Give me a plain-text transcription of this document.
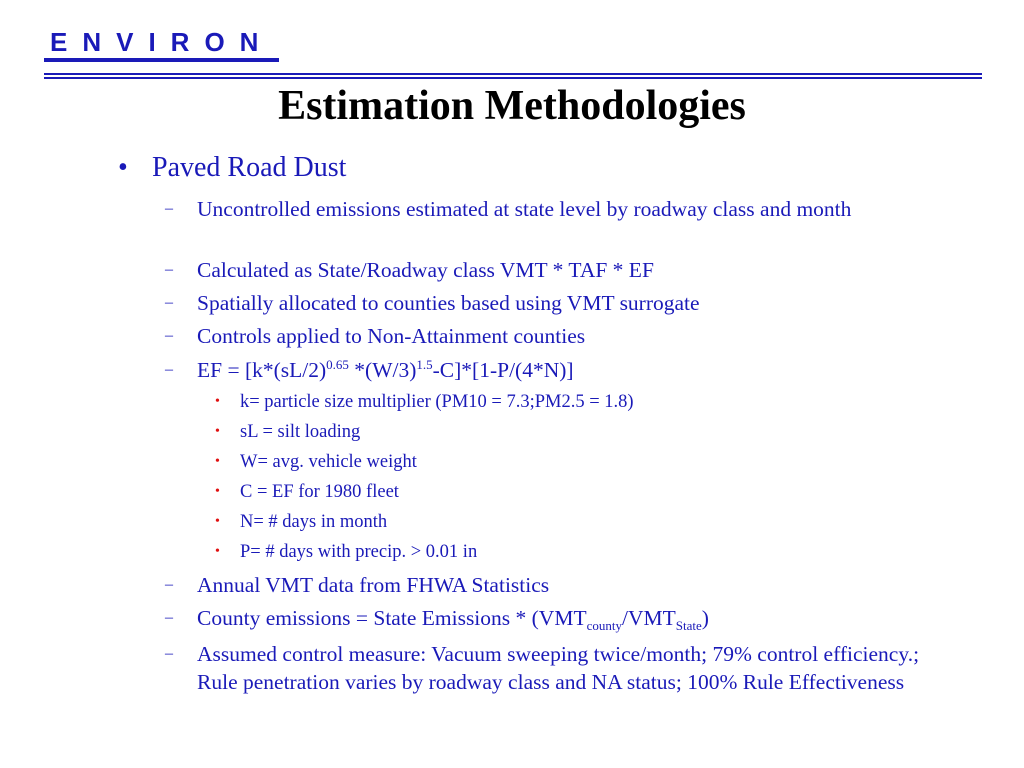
ENVIRON
Estimation Methodologies
• Paved Road Dust
– Uncontrolled emissions estimated at state level by roadway class and month
– Calculated as State/Roadway class VMT * TAF * EF
– Spatially allocated to counties based using VMT surrogate
– Controls applied to Non-Attainment counties
– EF = [$k*(sL/2)^{0.65}$ $*(W/3)^{1.5}-C]*[1-P/(4*N)]$
• k= particle size multiplier (PM10 = 7.3;PM2.5 = 1.8)
• sL = silt loading
• W= avg. vehicle weight
• C = EF for 1980 fleet
• N= # days in month
• P= # days with precip. > 0.01 in
– Annual VMT data from FHWA Statistics
– County emissions = State Emissions * $(VMT_{county}/VMT_{State})$
– Assumed control measure: Vacuum sweeping twice/month; 79% control efficiency.; Rule penetration varies by roadway class and NA status; 100% Rule Effectiveness
